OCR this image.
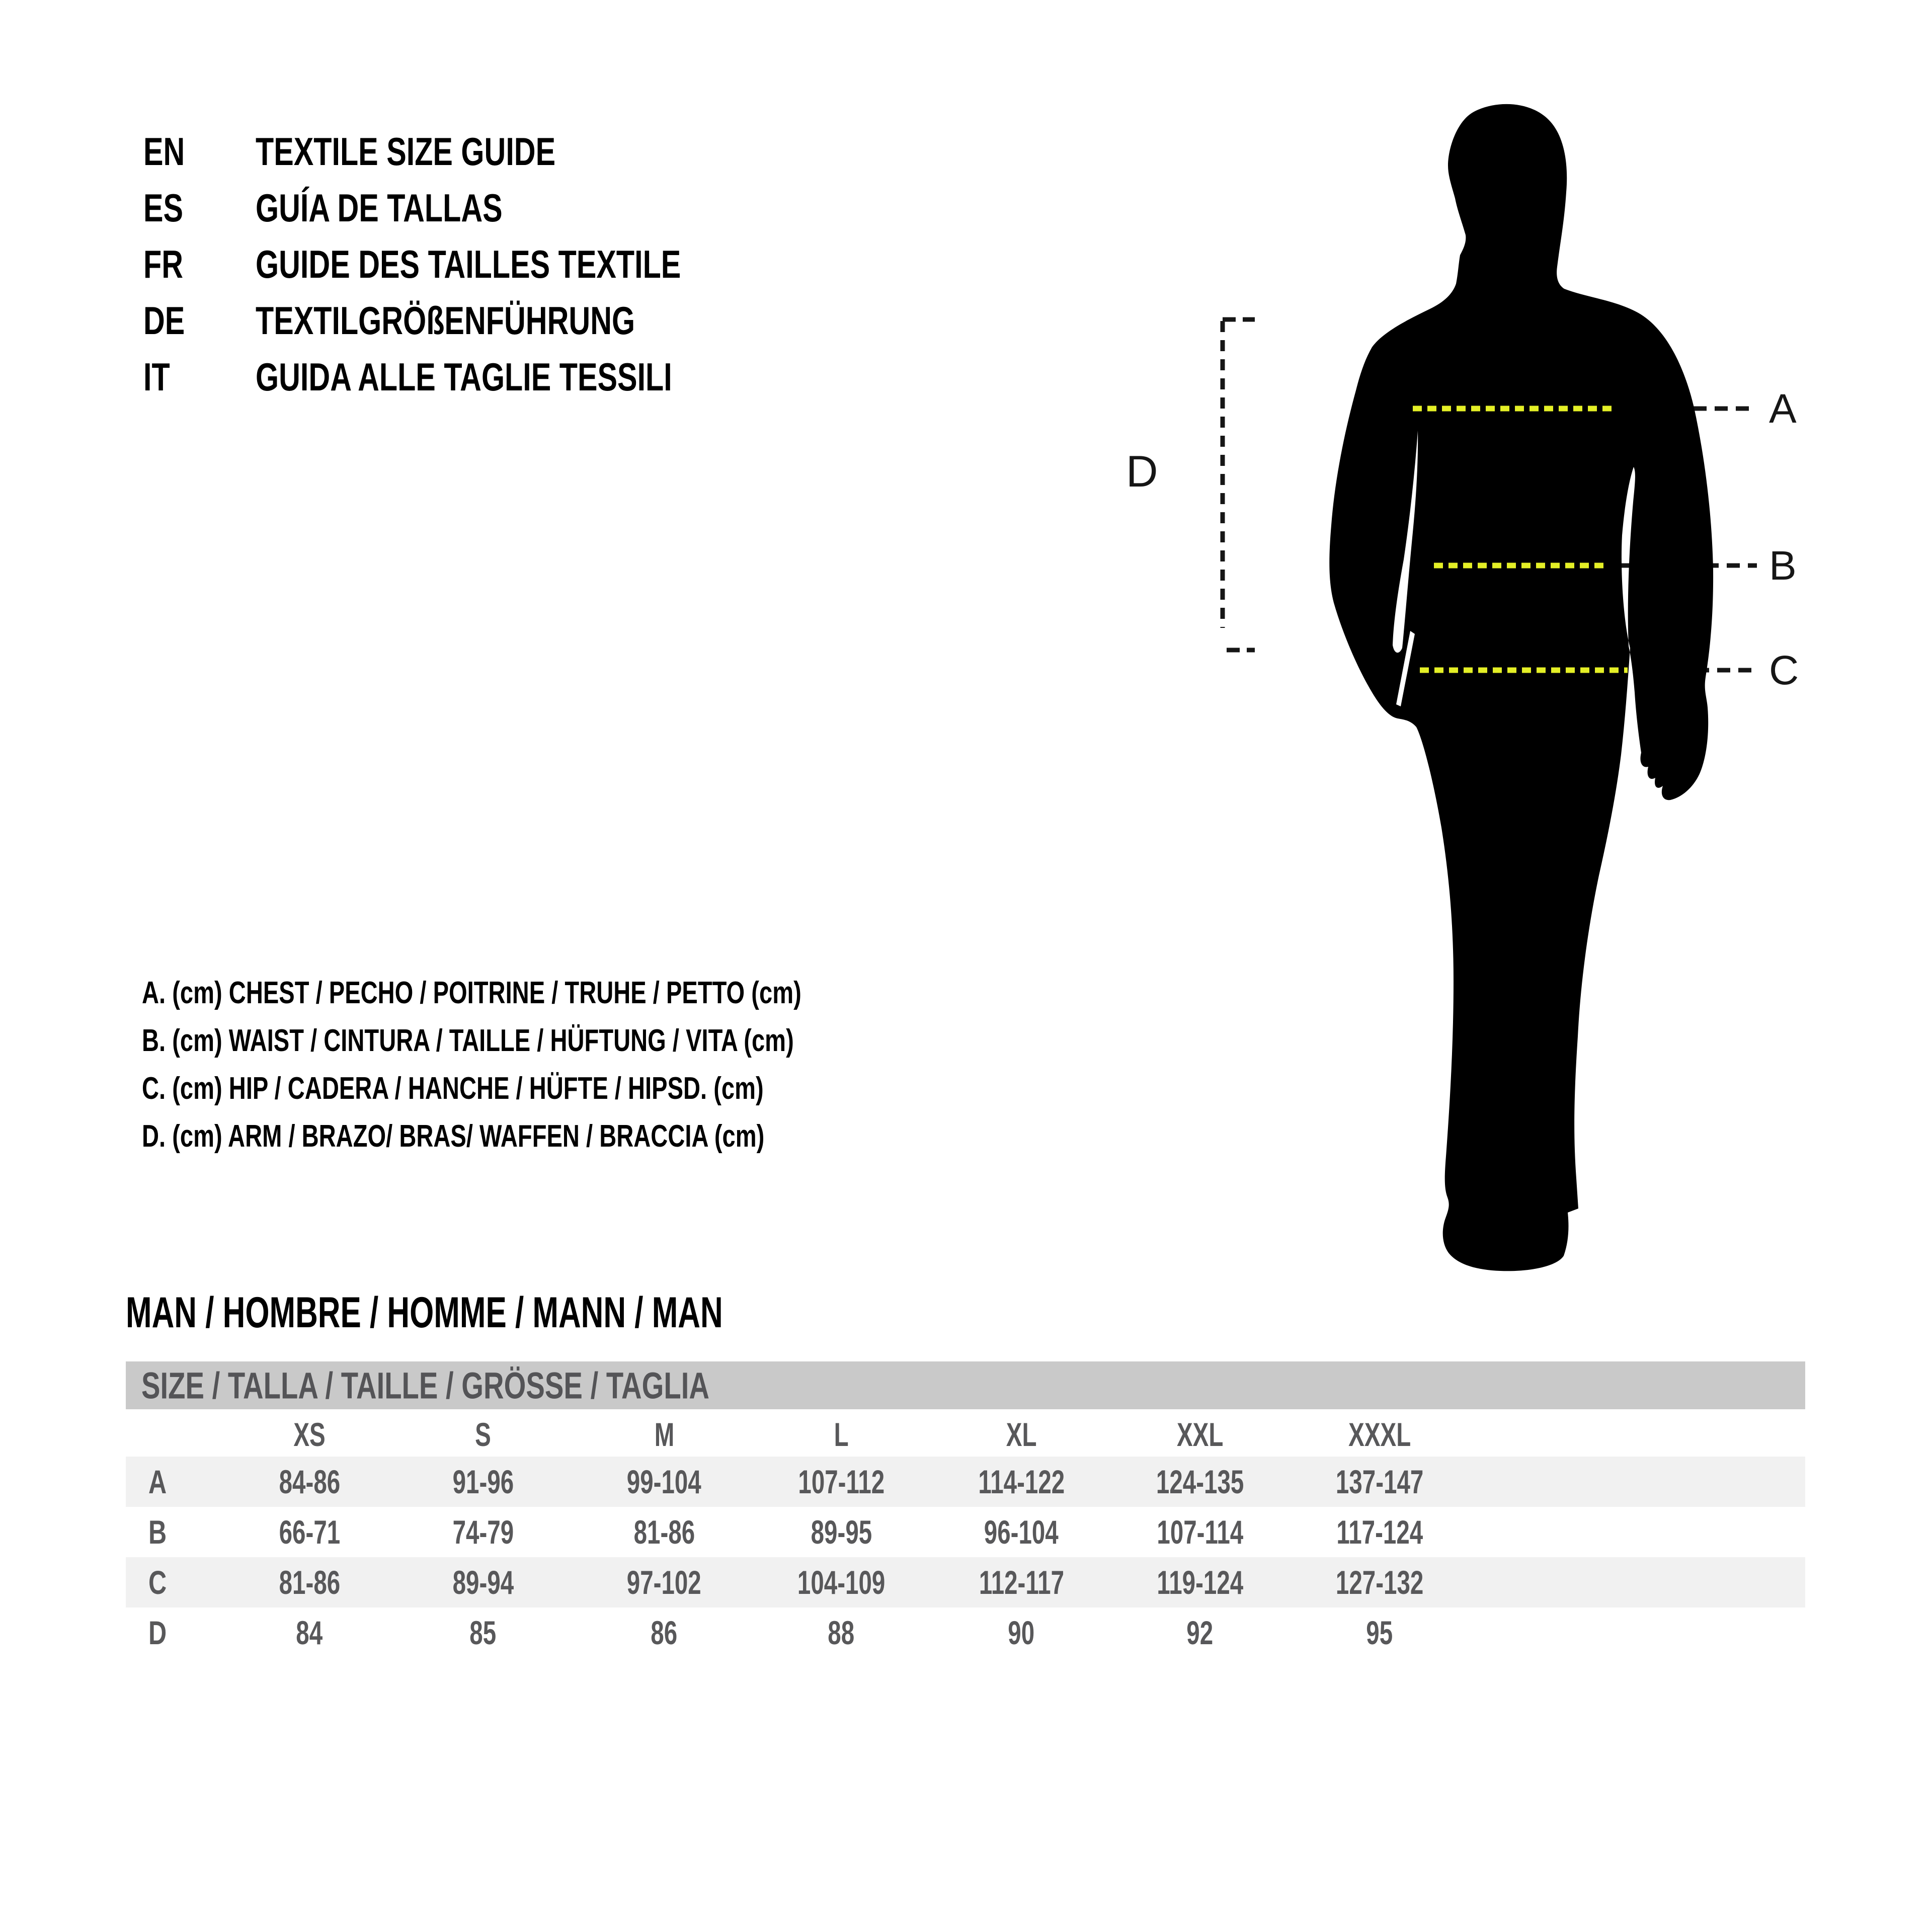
A
B
C
D
EN TEXTILE SIZE GUIDE
ES GUÍA DE TALLAS
FR GUIDE DES TAILLES TEXTILE
DE TEXTILGRÖßENFÜHRUNG
IT GUIDA ALLE TAGLIE TESSILI
A. (cm) CHEST / PECHO / POITRINE / TRUHE / PETTO (cm)
B. (cm) WAIST / CINTURA / TAILLE / HÜFTUNG / VITA (cm)
C. (cm) HIP / CADERA / HANCHE / HÜFTE / HIPSD. (cm)
D. (cm) ARM / BRAZO/ BRAS/ WAFFEN / BRACCIA (cm)
MAN / HOMBRE / HOMME / MANN / MAN
SIZE / TALLA / TAILLE / GRÖSSE / TAGLIA
XS	S	M	L	XL	XXL	XXXL
A	84-86	91-96	99-104	107-112	114-122	124-135	137-147
B	66-71	74-79	81-86	89-95	96-104	107-114	117-124
C	81-86	89-94	97-102	104-109	112-117	119-124	127-132
D	84	85	86	88	90	92	95
